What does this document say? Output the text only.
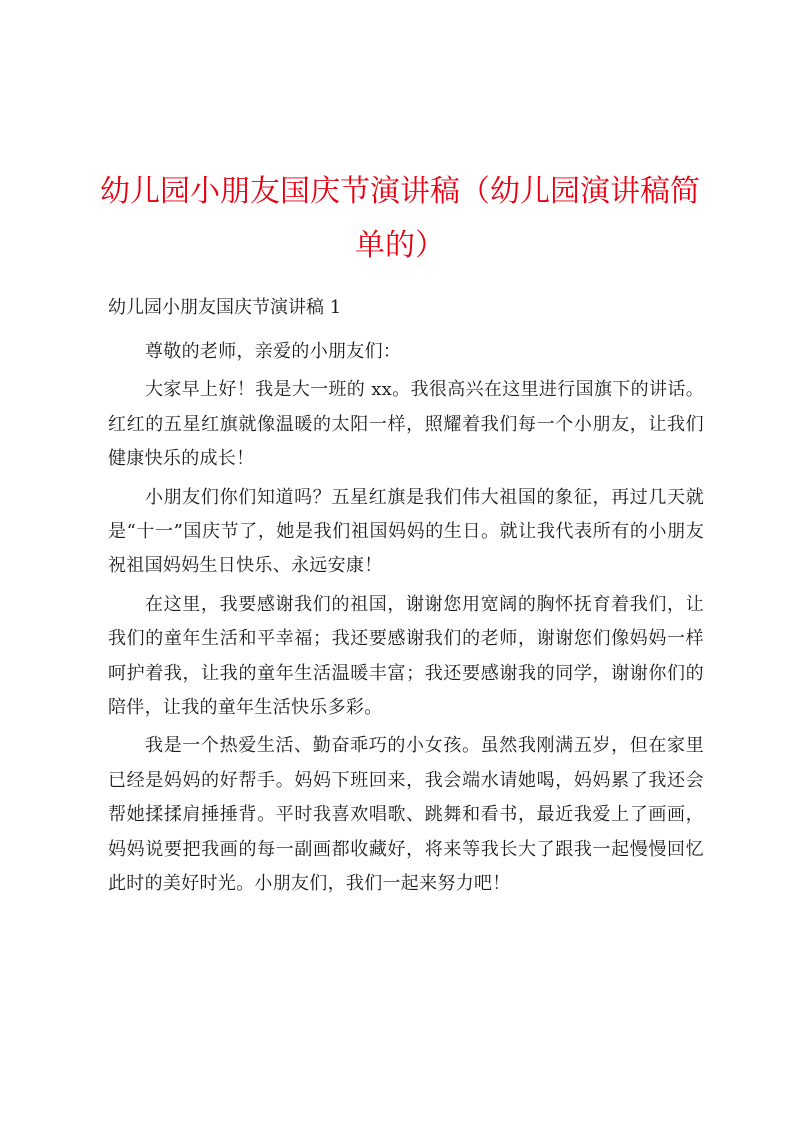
幼儿园小朋友国庆节演讲稿（幼儿园演讲稿简单的）
幼儿园小朋友国庆节演讲稿 1

尊敬的老师，亲爱的小朋友们：

大家早上好！我是大一班的 xx。我很高兴在这里进行国旗下的讲话。红红的五星红旗就像温暖的太阳一样，照耀着我们每一个小朋友，让我们健康快乐的成长！

小朋友们你们知道吗？五星红旗是我们伟大祖国的象征，再过几天就是“十一”国庆节了，她是我们祖国妈妈的生日。就让我代表所有的小朋友祝祖国妈妈生日快乐、永远安康！

在这里，我要感谢我们的祖国，谢谢您用宽阔的胸怀抚育着我们，让我们的童年生活和平幸福；我还要感谢我们的老师，谢谢您们像妈妈一样呵护着我，让我的童年生活温暖丰富；我还要感谢我的同学，谢谢你们的陪伴，让我的童年生活快乐多彩。

我是一个热爱生活、勤奋乖巧的小女孩。虽然我刚满五岁，但在家里已经是妈妈的好帮手。妈妈下班回来，我会端水请她喝，妈妈累了我还会帮她揉揉肩捶捶背。平时我喜欢唱歌、跳舞和看书，最近我爱上了画画，妈妈说要把我画的每一副画都收藏好，将来等我长大了跟我一起慢慢回忆此时的美好时光。小朋友们，我们一起来努力吧！
